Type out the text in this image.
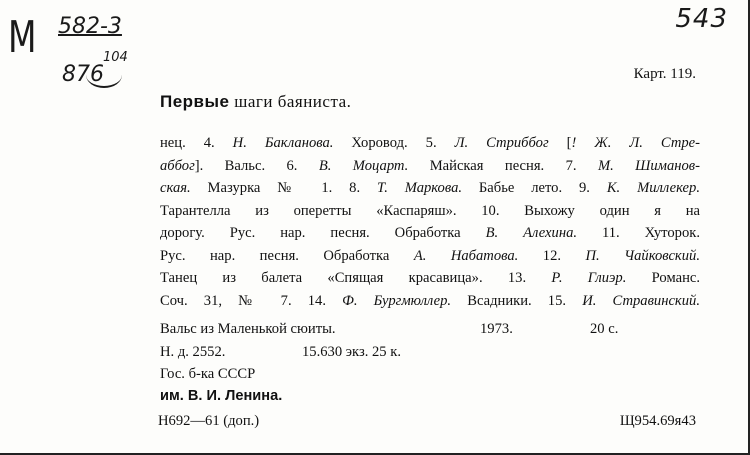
М 582-3
876
104
543
Карт. 119.
Первые шаги баяниста.
нец. 4. Н. Бакланова. Хоровод. 5. Л. Стриббог [! Ж. Л. Стре-
аббог]. Вальс. 6. В. Моцарт. Майская песня. 7. М. Шиманов-
ская. Мазурка № 1. 8. Т. Маркова. Бабье лето. 9. К. Миллекер.
Тарантелла из оперетты «Каспаряш». 10. Выхожу один я на
дорогу. Рус. нар. песня. Обработка В. Алехина. 11. Хуторок.
Рус. нар. песня. Обработка А. Набатова. 12. П. Чайковский.
Танец из балета «Спящая красавица». 13. Р. Глиэр. Романс.
Соч. 31, № 7. 14. Ф. Бургмюллер. Всадники. 15. И. Стравинский.
Вальс из Маленькой сюиты.	1973.	20 с.
Н. д. 2552.	15.630 экз. 25 к.
Гос. б-ка СССР
им. В. И. Ленина.
Н692—61 (доп.)	Щ954.69я43
